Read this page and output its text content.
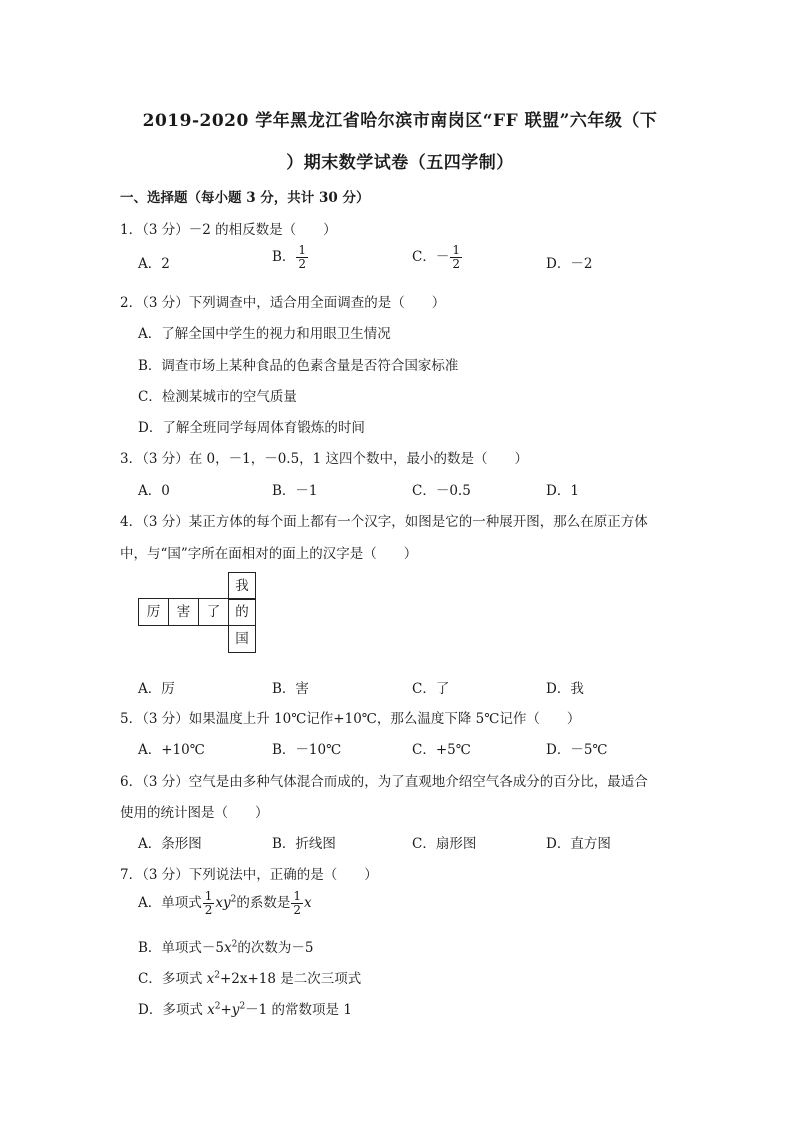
2019-2020 学年黑龙江省哈尔滨市南岗区“FF 联盟”六年级（下
）期末数学试卷（五四学制）
一、选择题（每小题 3 分，共计 30 分）
1．（3 分）－2 的相反数是（　　）
A．2	B． $\frac{1}{2}$	C．－ $\frac{1}{2}$	D．－2
2．（3 分）下列调查中，适合用全面调查的是（　　）
A．了解全国中学生的视力和用眼卫生情况
B．调查市场上某种食品的色素含量是否符合国家标准
C．检测某城市的空气质量
D．了解全班同学每周体育锻炼的时间
3．（3 分）在 0，－1，－0.5，1 这四个数中，最小的数是（　　）
A．0	B．－1	C．－0.5	D．1
4．（3 分）某正方体的每个面上都有一个汉字，如图是它的一种展开图，那么在原正方体
中，与“国”字所在面相对的面上的汉字是（　　）
我
厉	害	了	的
国
A．厉	B．害	C．了	D．我
5．（3 分）如果温度上升 10℃记作+10℃，那么温度下降 5℃记作（　　）
A．+10℃	B．－10℃	C．+5℃	D．－5℃
6．（3 分）空气是由多种气体混合而成的，为了直观地介绍空气各成分的百分比，最适合
使用的统计图是（　　）
A．条形图	B．折线图	C．扇形图	D．直方图
7．（3 分）下列说法中，正确的是（　　）
A．单项式 $\frac{1}{2} xy^2$的系数是 $\frac{1}{2}$ x
B．单项式$-5x^2$的次数为－5
C．多项式 $x^2+2x+18$ 是二次三项式
D．多项式 $x^2+y^2-1$ 的常数项是 1
